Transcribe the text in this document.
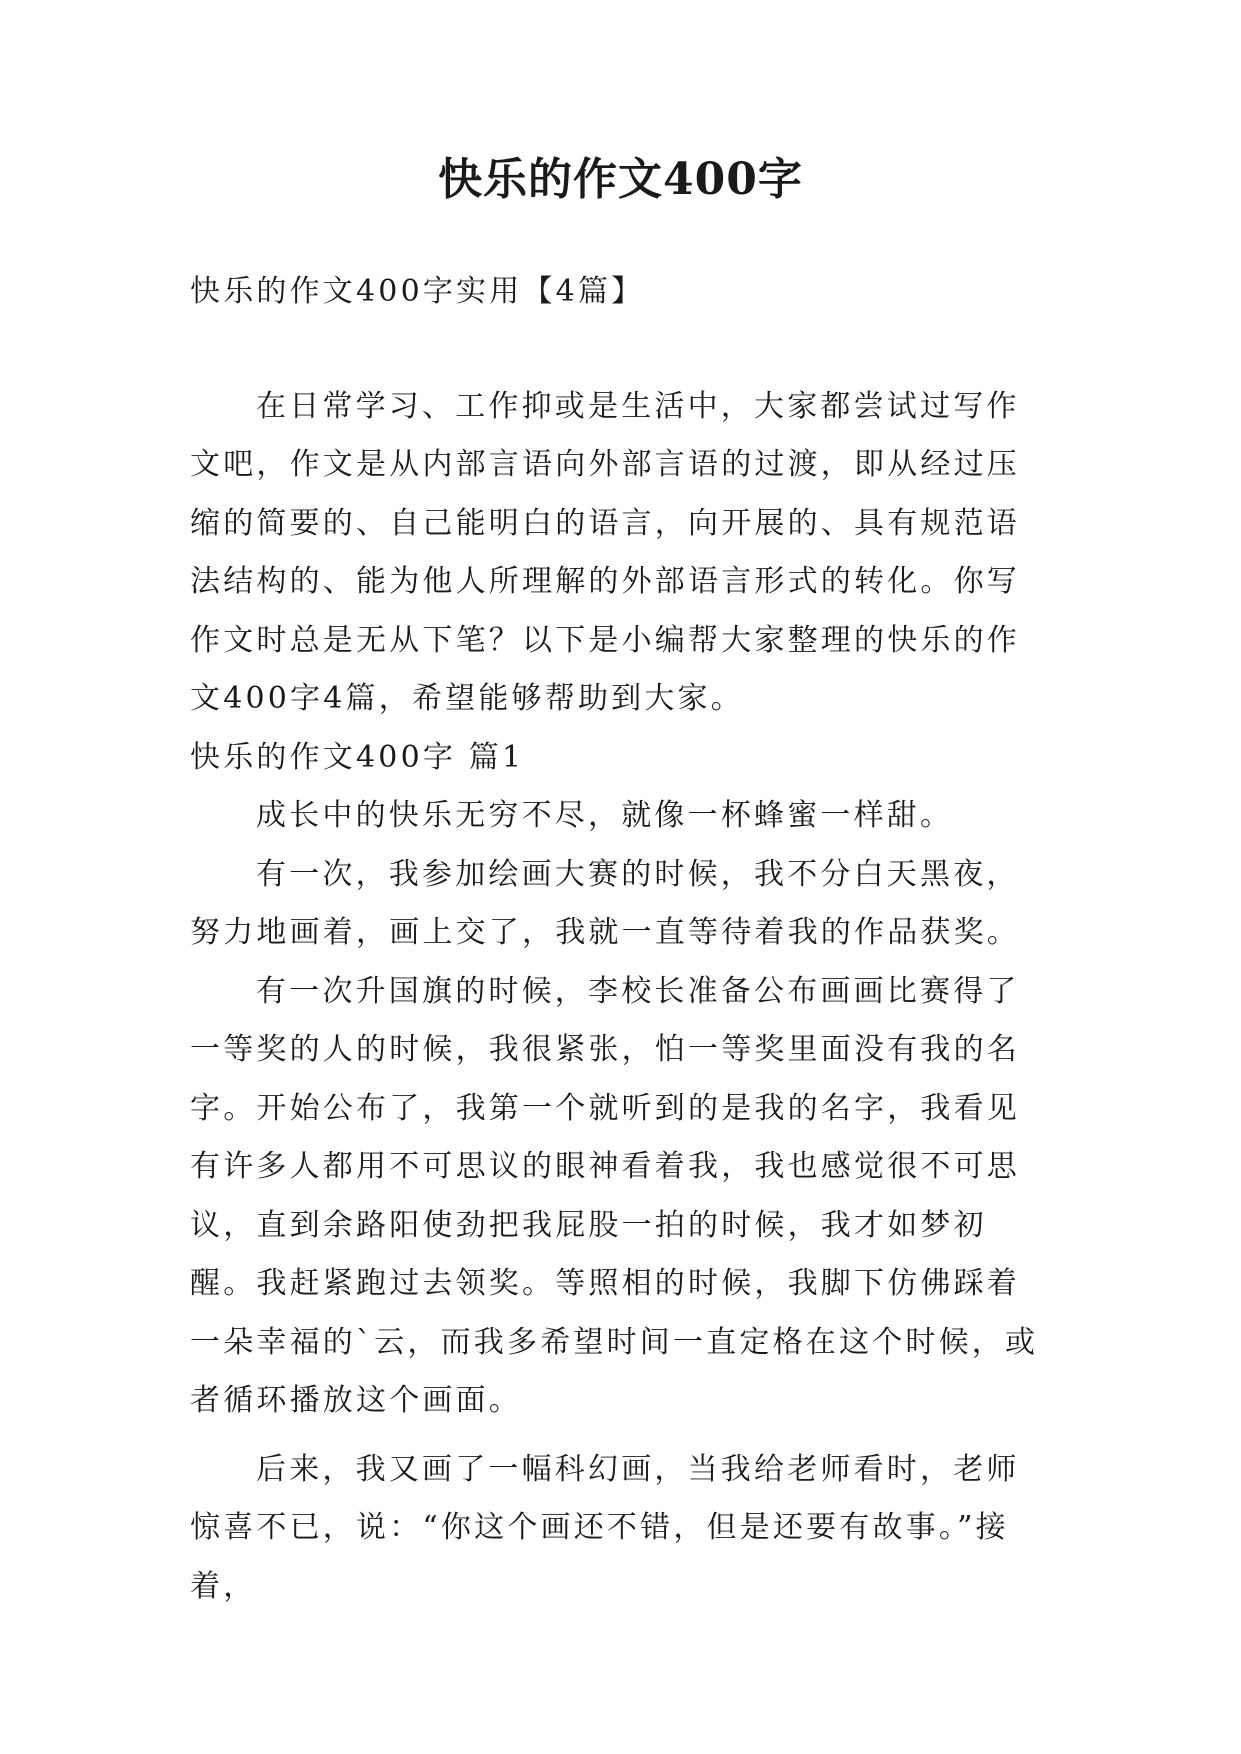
快乐的作文400字

快乐的作文400字实用【4篇】

在日常学习、工作抑或是生活中，大家都尝试过写作文吧，作文是从内部言语向外部言语的过渡，即从经过压缩的简要的、自己能明白的语言，向开展的、具有规范语法结构的、能为他人所理解的外部语言形式的转化。你写作文时总是无从下笔？以下是小编帮大家整理的快乐的作文400字4篇，希望能够帮助到大家。

快乐的作文400字 篇1

成长中的快乐无穷不尽，就像一杯蜂蜜一样甜。

有一次，我参加绘画大赛的时候，我不分白天黑夜，努力地画着，画上交了，我就一直等待着我的作品获奖。

有一次升国旗的时候，李校长准备公布画画比赛得了一等奖的人的时候，我很紧张，怕一等奖里面没有我的名字。开始公布了，我第一个就听到的是我的名字，我看见有许多人都用不可思议的眼神看着我，我也感觉很不可思议，直到余路阳使劲把我屁股一拍的时候，我才如梦初醒。我赶紧跑过去领奖。等照相的时候，我脚下仿佛踩着一朵幸福的`云，而我多希望时间一直定格在这个时候，或者循环播放这个画面。

后来，我又画了一幅科幻画，当我给老师看时，老师惊喜不已，说：“你这个画还不错，但是还要有故事。”接着，
